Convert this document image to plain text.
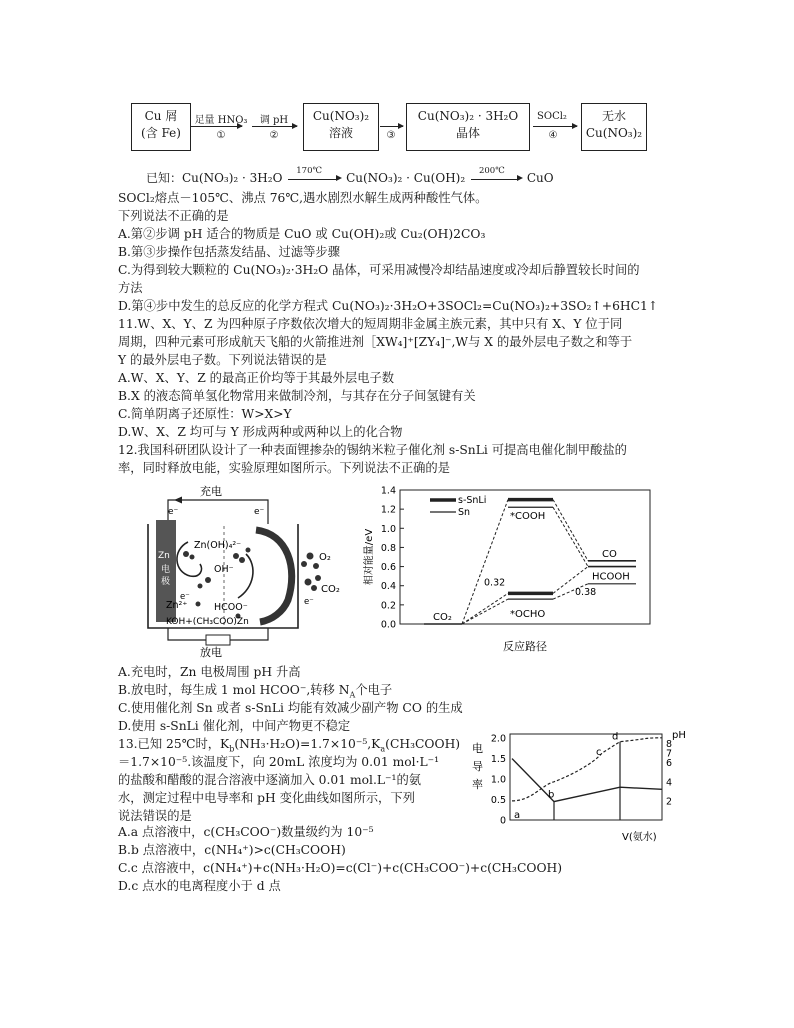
Cu 屑
(含 Fe)
足量 HNO₃
①
调 pH
②
Cu(NO₃)₂
溶液	③
Cu(NO₃)₂ · 3H₂O
晶体
SOCl₂
④
无水
Cu(NO₃)₂
已知：Cu(NO₃)₂ · 3H₂O
170℃
Cu(NO₃)₂ · Cu(OH)₂
200℃
CuO
SOCl₂熔点－105℃、沸点 76℃,遇水剧烈水解生成两种酸性气体。
下列说法不正确的是
A.第②步调 pH 适合的物质是 CuO 或 Cu(OH)₂或 Cu₂(OH)2CO₃
B.第③步操作包括蒸发结晶、过滤等步骤
C.为得到较大颗粒的 Cu(NO₃)₂·3H₂O 晶体，可采用减慢冷却结晶速度或冷却后静置较长时间的
方法
D.第④步中发生的总反应的化学方程式 Cu(NO₃)₂·3H₂O+3SOCl₂=Cu(NO₃)₂+3SO₂↑+6HC1↑
11.W、X、Y、Z 为四种原子序数依次增大的短周期非金属主族元素，其中只有 X、Y 位于同
周期，四种元素可形成航天飞船的火箭推进剂［XW₄]⁺[ZY₄]⁻,W与 X 的最外层电子数之和等于
Y 的最外层电子数。下列说法错误的是
A.W、X、Y、Z 的最高正价均等于其最外层电子数
B.X 的液态简单氢化物常用来做制冷剂，与其存在分子间氢键有关
C.简单阴离子还原性：W>X>Y
D.W、X、Z 均可与 Y 形成两种或两种以上的化合物
12.我国科研团队设计了一种表面锂掺杂的锡纳米粒子催化剂 s-SnLi 可提高电催化制甲酸盐的
率，同时释放电能，实验原理如图所示。下列说法不正确的是
充电
e⁻	e⁻
Zn
电
极
Zn(OH)₄²⁻
OH⁻
O₂
CO₂
Zn²⁺	HCOO⁻
e⁻	e⁻
KOH+(CH₃COO)Zn
放电
0.0
0.2
0.4
0.6
0.8
1.0
1.2
1.4
相对能量/eV
反应路径
CO₂
*COOH
*OCHO
CO
HCOOH
0.32
0.38
s-SnLi
Sn
A.充电时，Zn 电极周围 pH 升高
B.放电时，每生成 1 mol HCOO⁻,转移 $N_A$个电子
C.使用催化剂 Sn 或者 s-SnLi 均能有效减少副产物 CO 的生成
D.使用 s-SnLi 催化剂，中间产物更不稳定
13.已知 25℃时，$K_b(NH_3\cdot H_2O)=1.7\times 10^{-5},K_a(CH_3COOH)$
＝1.7×10⁻⁵.该温度下，向 20mL 浓度均为 0.01 mol·L⁻¹
的盐酸和醋酸的混合溶液中逐滴加入 0.01 mol.L⁻¹的氨
水，测定过程中电导率和 pH 变化曲线如图所示，下列
说法错误的是
A.a 点溶液中，c(CH₃COO⁻)数量级约为 10⁻⁵
B.b 点溶液中，c(NH₄⁺)>c(CH₃COOH)
C.c 点溶液中，c(NH₄⁺)+c(NH₃·H₂O)=c(Cl⁻)+c(CH₃COO⁻)+c(CH₃COOH)
D.c 点水的电离程度小于 d 点
电
导
率
0
0.5
1.0
1.5
2.0	pH
2
4
6
7
8
V(氨水)
a
b
c
d
